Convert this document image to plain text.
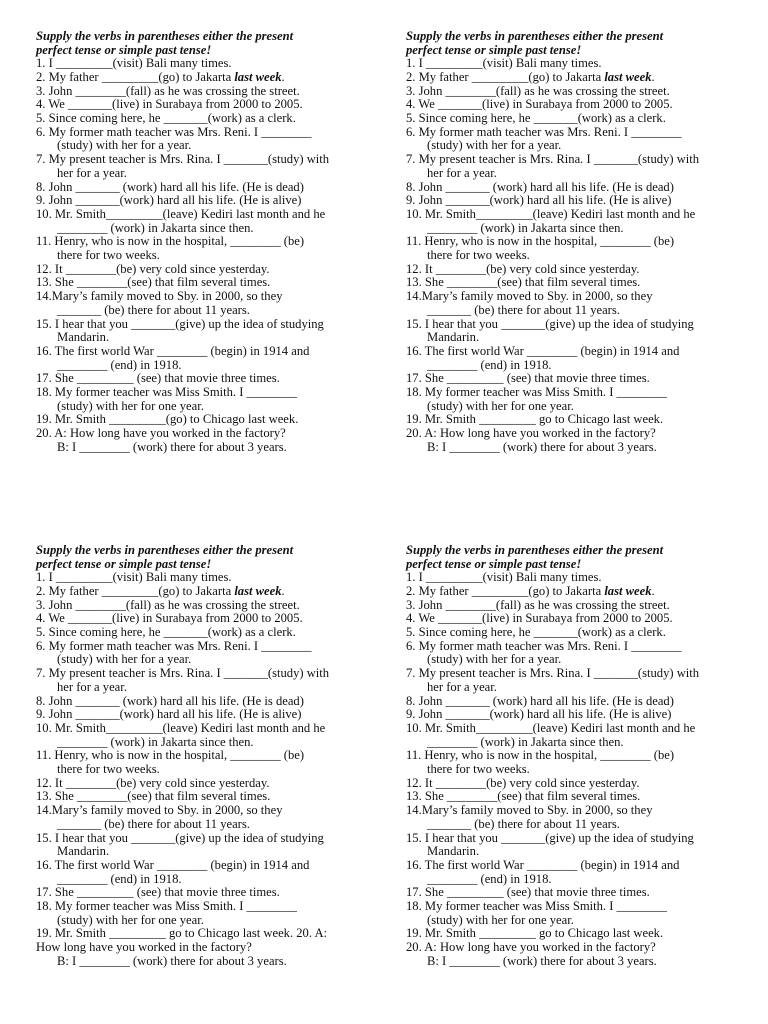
Supply the verbs in parentheses either the present
perfect tense or simple past tense!

1. I _________(visit) Bali many times.
2. My father _________(go) to Jakarta last week.
3. John ________(fall) as he was crossing the street.
4. We _______(live) in Surabaya from 2000 to 2005.
5. Since coming here, he _______(work) as a clerk.
6. My former math teacher was Mrs. Reni. I ________
(study) with her for a year.
7. My present teacher is Mrs. Rina. I _______(study) with
her for a year.
8. John _______ (work) hard all his life. (He is dead)
9. John _______(work) hard all his life. (He is alive)
10. Mr. Smith_________(leave) Kediri last month and he
________ (work) in Jakarta since then.
11. Henry, who is now in the hospital, ________ (be)
there for two weeks.
12. It ________(be) very cold since yesterday.
13. She ________(see) that film several times.
14.Mary’s family moved to Sby. in 2000, so they
_______ (be) there for about 11 years.
15. I hear that you _______(give) up the idea of studying
Mandarin.
16. The first world War ________ (begin) in 1914 and
________ (end) in 1918.
17. She _________ (see) that movie three times.
18. My former teacher was Miss Smith. I ________
(study) with her for one year.
19. Mr. Smith _________(go) to Chicago last week.
20. A: How long have you worked in the factory?
B: I ________ (work) there for about 3 years.

Supply the verbs in parentheses either the present
perfect tense or simple past tense!

1. I _________(visit) Bali many times.
2. My father _________(go) to Jakarta last week.
3. John ________(fall) as he was crossing the street.
4. We _______(live) in Surabaya from 2000 to 2005.
5. Since coming here, he _______(work) as a clerk.
6. My former math teacher was Mrs. Reni. I ________
(study) with her for a year.
7. My present teacher is Mrs. Rina. I _______(study) with
her for a year.
8. John _______ (work) hard all his life. (He is dead)
9. John _______(work) hard all his life. (He is alive)
10. Mr. Smith_________(leave) Kediri last month and he
________ (work) in Jakarta since then.
11. Henry, who is now in the hospital, ________ (be)
there for two weeks.
12. It ________(be) very cold since yesterday.
13. She ________(see) that film several times.
14.Mary’s family moved to Sby. in 2000, so they
_______ (be) there for about 11 years.
15. I hear that you _______(give) up the idea of studying
Mandarin.
16. The first world War ________ (begin) in 1914 and
________ (end) in 1918.
17. She _________ (see) that movie three times.
18. My former teacher was Miss Smith. I ________
(study) with her for one year.
19. Mr. Smith _________ go to Chicago last week.
20. A: How long have you worked in the factory?
B: I ________ (work) there for about 3 years.

Supply the verbs in parentheses either the present
perfect tense or simple past tense!

1. I _________(visit) Bali many times.
2. My father _________(go) to Jakarta last week.
3. John ________(fall) as he was crossing the street.
4. We _______(live) in Surabaya from 2000 to 2005.
5. Since coming here, he _______(work) as a clerk.
6. My former math teacher was Mrs. Reni. I ________
(study) with her for a year.
7. My present teacher is Mrs. Rina. I _______(study) with
her for a year.
8. John _______ (work) hard all his life. (He is dead)
9. John _______(work) hard all his life. (He is alive)
10. Mr. Smith_________(leave) Kediri last month and he
________ (work) in Jakarta since then.
11. Henry, who is now in the hospital, ________ (be)
there for two weeks.
12. It ________(be) very cold since yesterday.
13. She ________(see) that film several times.
14.Mary’s family moved to Sby. in 2000, so they
_______ (be) there for about 11 years.
15. I hear that you _______(give) up the idea of studying
Mandarin.
16. The first world War ________ (begin) in 1914 and
________ (end) in 1918.
17. She _________ (see) that movie three times.
18. My former teacher was Miss Smith. I ________
(study) with her for one year.
19. Mr. Smith _________ go to Chicago last week. 20. A:
How long have you worked in the factory?
B: I ________ (work) there for about 3 years.

Supply the verbs in parentheses either the present
perfect tense or simple past tense!

1. I _________(visit) Bali many times.
2. My father _________(go) to Jakarta last week.
3. John ________(fall) as he was crossing the street.
4. We _______(live) in Surabaya from 2000 to 2005.
5. Since coming here, he _______(work) as a clerk.
6. My former math teacher was Mrs. Reni. I ________
(study) with her for a year.
7. My present teacher is Mrs. Rina. I _______(study) with
her for a year.
8. John _______ (work) hard all his life. (He is dead)
9. John _______(work) hard all his life. (He is alive)
10. Mr. Smith_________(leave) Kediri last month and he
________ (work) in Jakarta since then.
11. Henry, who is now in the hospital, ________ (be)
there for two weeks.
12. It ________(be) very cold since yesterday.
13. She ________(see) that film several times.
14.Mary’s family moved to Sby. in 2000, so they
_______ (be) there for about 11 years.
15. I hear that you _______(give) up the idea of studying
Mandarin.
16. The first world War ________ (begin) in 1914 and
________ (end) in 1918.
17. She _________ (see) that movie three times.
18. My former teacher was Miss Smith. I ________
(study) with her for one year.
19. Mr. Smith _________ go to Chicago last week.
20. A: How long have you worked in the factory?
B: I ________ (work) there for about 3 years.
